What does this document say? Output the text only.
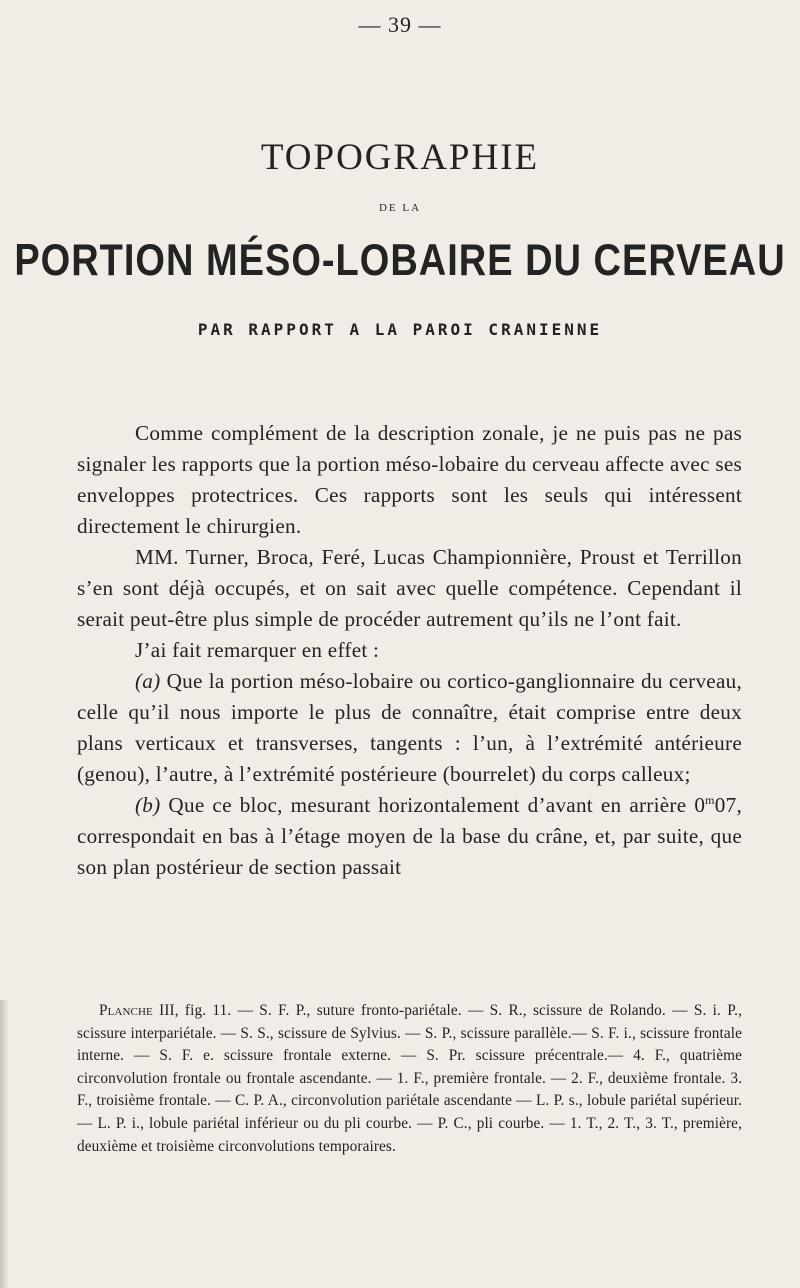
— 39 —
TOPOGRAPHIE
DE LA
PORTION MÉSO-LOBAIRE DU CERVEAU
PAR RAPPORT A LA PAROI CRANIENNE

Comme complément de la description zonale, je ne puis pas ne pas signaler les rapports que la portion méso-lobaire du cerveau affecte avec ses enveloppes protectrices. Ces rapports sont les seuls qui intéressent directement le chirurgien.

MM. Turner, Broca, Feré, Lucas Championnière, Proust et Terrillon s’en sont déjà occupés, et on sait avec quelle compétence. Cependant il serait peut-être plus simple de procéder autrement qu’ils ne l’ont fait.

J’ai fait remarquer en effet :

(a) Que la portion méso-lobaire ou cortico-ganglionnaire du cerveau, celle qu’il nous importe le plus de connaître, était comprise entre deux plans verticaux et transverses, tangents : l’un, à l’extrémité antérieure (genou), l’autre, à l’extrémité postérieure (bourrelet) du corps calleux;

(b) Que ce bloc, mesurant horizontalement d’avant en arrière 0$^m$07, correspondait en bas à l’étage moyen de la base du crâne, et, par suite, que son plan postérieur de section passait

Planche III, fig. 11. — S. F. P., suture fronto-pariétale. — S. R., scissure de Rolando. — S. i. P., scissure interpariétale. — S. S., scissure de Sylvius. — S. P., scissure parallèle.— S. F. i., scissure frontale interne. — S. F. e. scissure frontale externe. — S. Pr. scissure précentrale.— 4. F., quatrième circonvolution frontale ou frontale ascendante. — 1. F., première frontale. — 2. F., deuxième frontale. 3. F., troisième frontale. — C. P. A., circonvolution pariétale ascendante — L. P. s., lobule pariétal supérieur. — L. P. i., lobule pariétal inférieur ou du pli courbe. — P. C., pli courbe. — 1. T., 2. T., 3. T., première, deuxième et troisième circonvolutions temporaires.
